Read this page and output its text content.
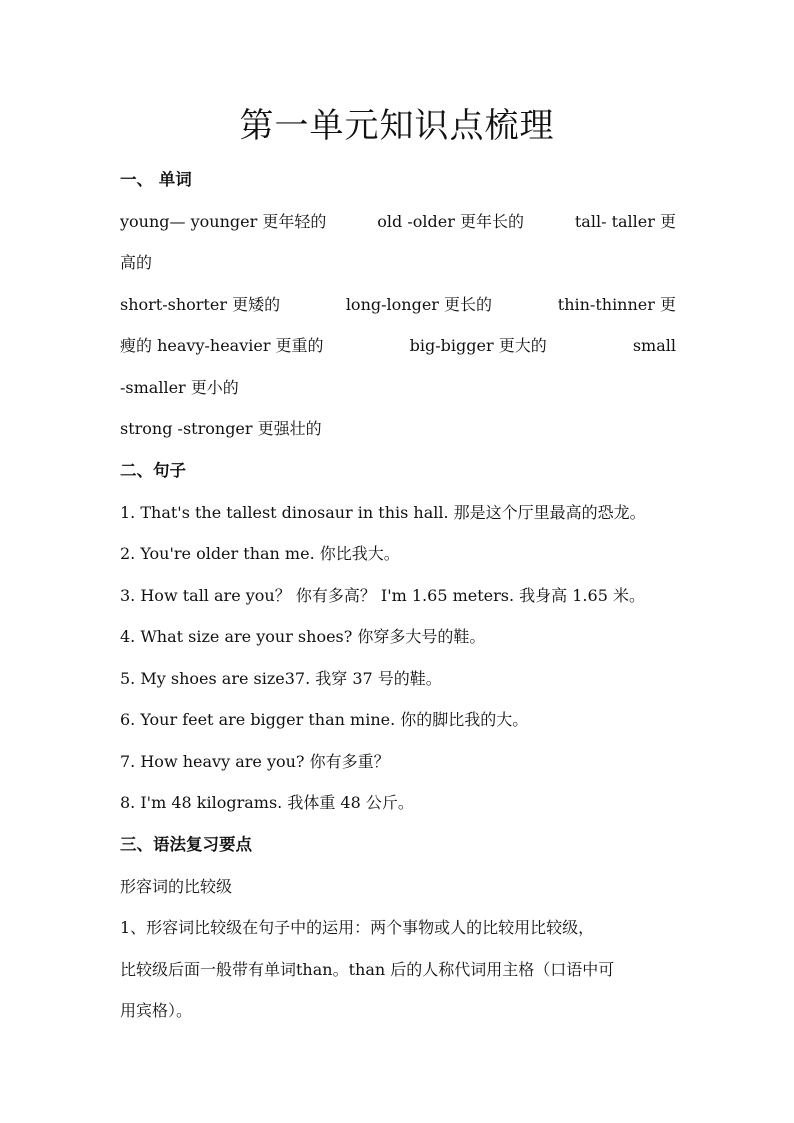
第一单元知识点梳理
一、 单词
young— younger 更年轻的	old -older 更年长的	tall- taller 更
高的
short-shorter 更矮的	long-longer 更长的	thin-thinner 更
瘦的 heavy-heavier 更重的	big-bigger 更大的	small
-smaller 更小的
strong -stronger 更强壮的
二、句子
1. That's the tallest dinosaur in this hall. 那是这个厅里最高的恐龙。
2. You're older than me. 你比我大。
3. How tall are you？ 你有多高？ I'm 1.65 meters. 我身高 1.65 米。
4. What size are your shoes? 你穿多大号的鞋。
5. My shoes are size37. 我穿 37 号的鞋。
6. Your feet are bigger than mine. 你的脚比我的大。
7. How heavy are you? 你有多重？
8. I'm 48 kilograms. 我体重 48 公斤。
三、语法复习要点
形容词的比较级
1、形容词比较级在句子中的运用：两个事物或人的比较用比较级，
比较级后面一般带有单词than。than 后的人称代词用主格（口语中可
用宾格）。
